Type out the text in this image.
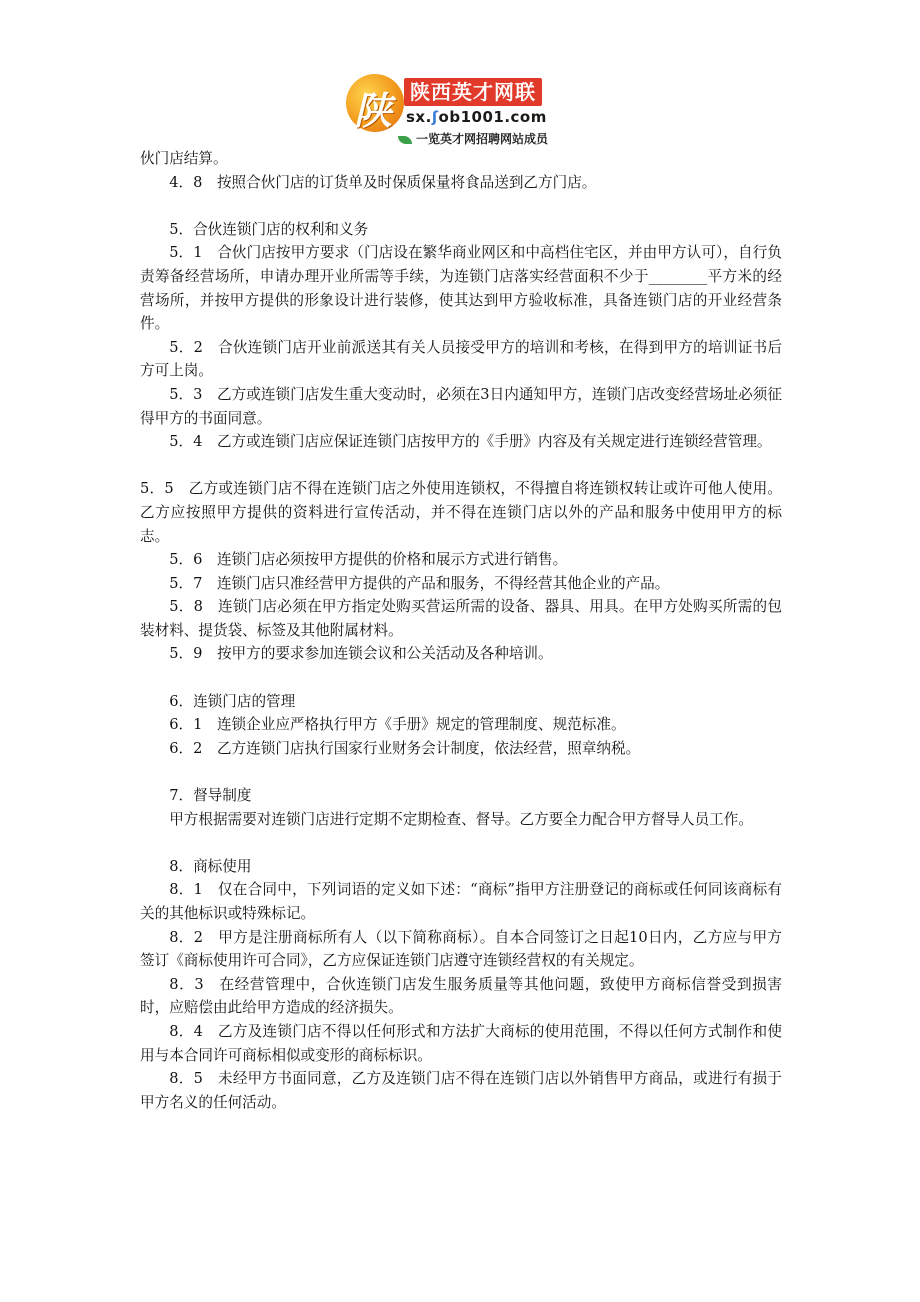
陕 陕西英才网联
sx.ʃob1001.com
一览英才网招聘网站成员

伙门店结算。

4．8　按照合伙门店的订货单及时保质保量将食品送到乙方门店。

5．合伙连锁门店的权利和义务

5．1　合伙门店按甲方要求（门店设在繁华商业网区和中高档住宅区，并由甲方认可），自行负责筹备经营场所，申请办理开业所需等手续，为连锁门店落实经营面积不少于________平方米的经营场所，并按甲方提供的形象设计进行装修，使其达到甲方验收标准，具备连锁门店的开业经营条件。

5．2　合伙连锁门店开业前派送其有关人员接受甲方的培训和考核，在得到甲方的培训证书后方可上岗。

5．3　乙方或连锁门店发生重大变动时，必须在3日内通知甲方，连锁门店改变经营场址必须征得甲方的书面同意。

5．4　乙方或连锁门店应保证连锁门店按甲方的《手册》内容及有关规定进行连锁经营管理。

5．5　乙方或连锁门店不得在连锁门店之外使用连锁权，不得擅自将连锁权转让或许可他人使用。乙方应按照甲方提供的资料进行宣传活动，并不得在连锁门店以外的产品和服务中使用甲方的标志。

5．6　连锁门店必须按甲方提供的价格和展示方式进行销售。

5．7　连锁门店只准经营甲方提供的产品和服务，不得经营其他企业的产品。

5．8　连锁门店必须在甲方指定处购买营运所需的设备、器具、用具。在甲方处购买所需的包装材料、提货袋、标签及其他附属材料。

5．9　按甲方的要求参加连锁会议和公关活动及各种培训。

6．连锁门店的管理

6．1　连锁企业应严格执行甲方《手册》规定的管理制度、规范标准。

6．2　乙方连锁门店执行国家行业财务会计制度，依法经营，照章纳税。

7．督导制度

甲方根据需要对连锁门店进行定期不定期检查、督导。乙方要全力配合甲方督导人员工作。

8．商标使用

8．1　仅在合同中，下列词语的定义如下述：“商标”指甲方注册登记的商标或任何同该商标有关的其他标识或特殊标记。

8．2　甲方是注册商标所有人（以下简称商标）。自本合同签订之日起10日内，乙方应与甲方签订《商标使用许可合同》，乙方应保证连锁门店遵守连锁经营权的有关规定。

8．3　在经营管理中，合伙连锁门店发生服务质量等其他问题，致使甲方商标信誉受到损害时，应赔偿由此给甲方造成的经济损失。

8．4　乙方及连锁门店不得以任何形式和方法扩大商标的使用范围，不得以任何方式制作和使用与本合同许可商标相似或变形的商标标识。

8．5　未经甲方书面同意，乙方及连锁门店不得在连锁门店以外销售甲方商品，或进行有损于甲方名义的任何活动。
